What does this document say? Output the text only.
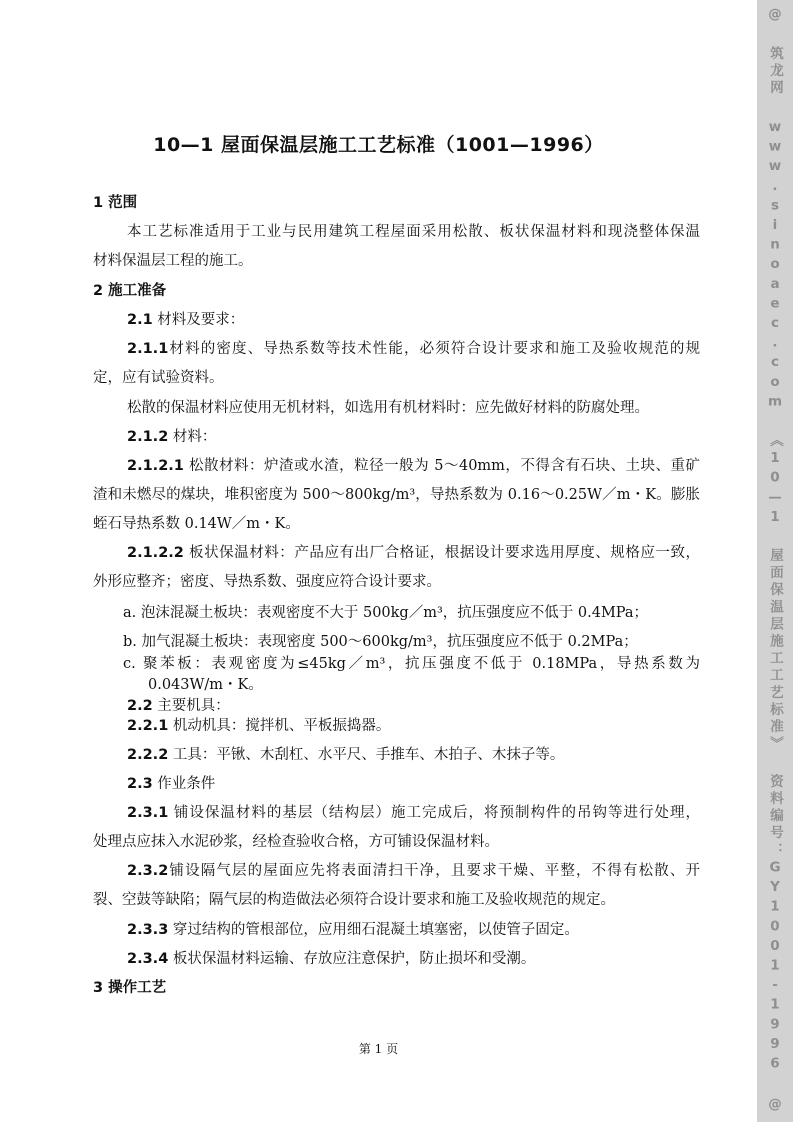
10—1 屋面保温层施工工艺标准（1001—1996）
1 范围
本工艺标准适用于工业与民用建筑工程屋面采用松散、板状保温材料和现浇整体保温
材料保温层工程的施工。
2 施工准备
2.1 材料及要求：
2.1.1材料的密度、导热系数等技术性能，必须符合设计要求和施工及验收规范的规
定，应有试验资料。
松散的保温材料应使用无机材料，如选用有机材料时：应先做好材料的防腐处理。
2.1.2 材料：
2.1.2.1 松散材料：炉渣或水渣，粒径一般为 5～40mm，不得含有石块、土块、重矿
渣和未燃尽的煤块，堆积密度为 500～800kg/m³，导热系数为 0.16～0.25W／m・K。膨胀
蛭石导热系数 0.14W／m・K。
2.1.2.2 板状保温材料：产品应有出厂合格证，根据设计要求选用厚度、规格应一致，
外形应整齐；密度、导热系数、强度应符合设计要求。
a. 泡沫混凝土板块：表观密度不大于 500kg／m³，抗压强度应不低于 0.4MPa；
b. 加气混凝土板块：表现密度 500～600kg/m³，抗压强度应不低于 0.2MPa；
c. 聚苯板：表观密度为≤45kg／m³，抗压强度不低于 0.18MPa，导热系数为
0.043W/m・K。
2.2 主要机具：
2.2.1 机动机具：搅拌机、平板振捣器。
2.2.2 工具：平锹、木刮杠、水平尺、手推车、木拍子、木抹子等。
2.3 作业条件
2.3.1 铺设保温材料的基层（结构层）施工完成后，将预制构件的吊钩等进行处理，
处理点应抹入水泥砂浆，经检查验收合格，方可铺设保温材料。
2.3.2铺设隔气层的屋面应先将表面清扫干净，且要求干燥、平整，不得有松散、开
裂、空鼓等缺陷；隔气层的构造做法必须符合设计要求和施工及验收规范的规定。
2.3.3 穿过结构的管根部位，应用细石混凝土填塞密，以使管子固定。
2.3.4 板状保温材料运输、存放应注意保护，防止损坏和受潮。
3 操作工艺
第 1 页
@
筑龙网
www.sinoaec.com
《10—1 屋面保温层施工工艺标准》
资料编号：GY1001-1996
@
